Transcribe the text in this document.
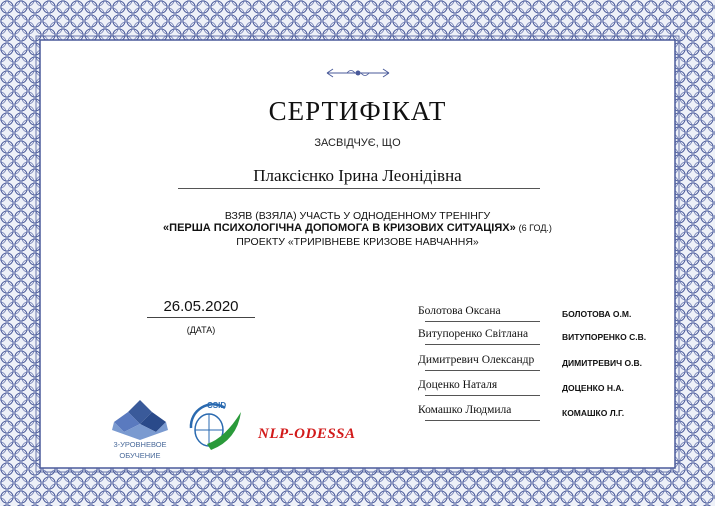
СЕРТИФІКАТ
ЗАСВІДЧУЄ, ЩО
Плаксієнко Ірина Леонідівна
ВЗЯВ (ВЗЯЛА) УЧАСТЬ У ОДНОДЕННОМУ ТРЕНІНГУ
«ПЕРША ПСИХОЛОГІЧНА ДОПОМОГА В КРИЗОВИХ СИТУАЦІЯХ» (6 ГОД.)
ПРОЕКТУ «ТРИРІВНЕВЕ КРИЗОВЕ НАВЧАННЯ»
26.05.2020
(ДАТА)
Болотова Оксана	БОЛОТОВА О.М.
Витупоренко Світлана	ВИТУПОРЕНКО С.В.
Димитревич Олександр	ДИМИТРЕВИЧ О.В.
Доценко Наталя	ДОЦЕНКО Н.А.
Комашко Людмила	КОМАШКО Л.Г.
3-УРОВНЕВОЕ
ОБУЧЕНИЕ
CSID
NLP-ODESSA
